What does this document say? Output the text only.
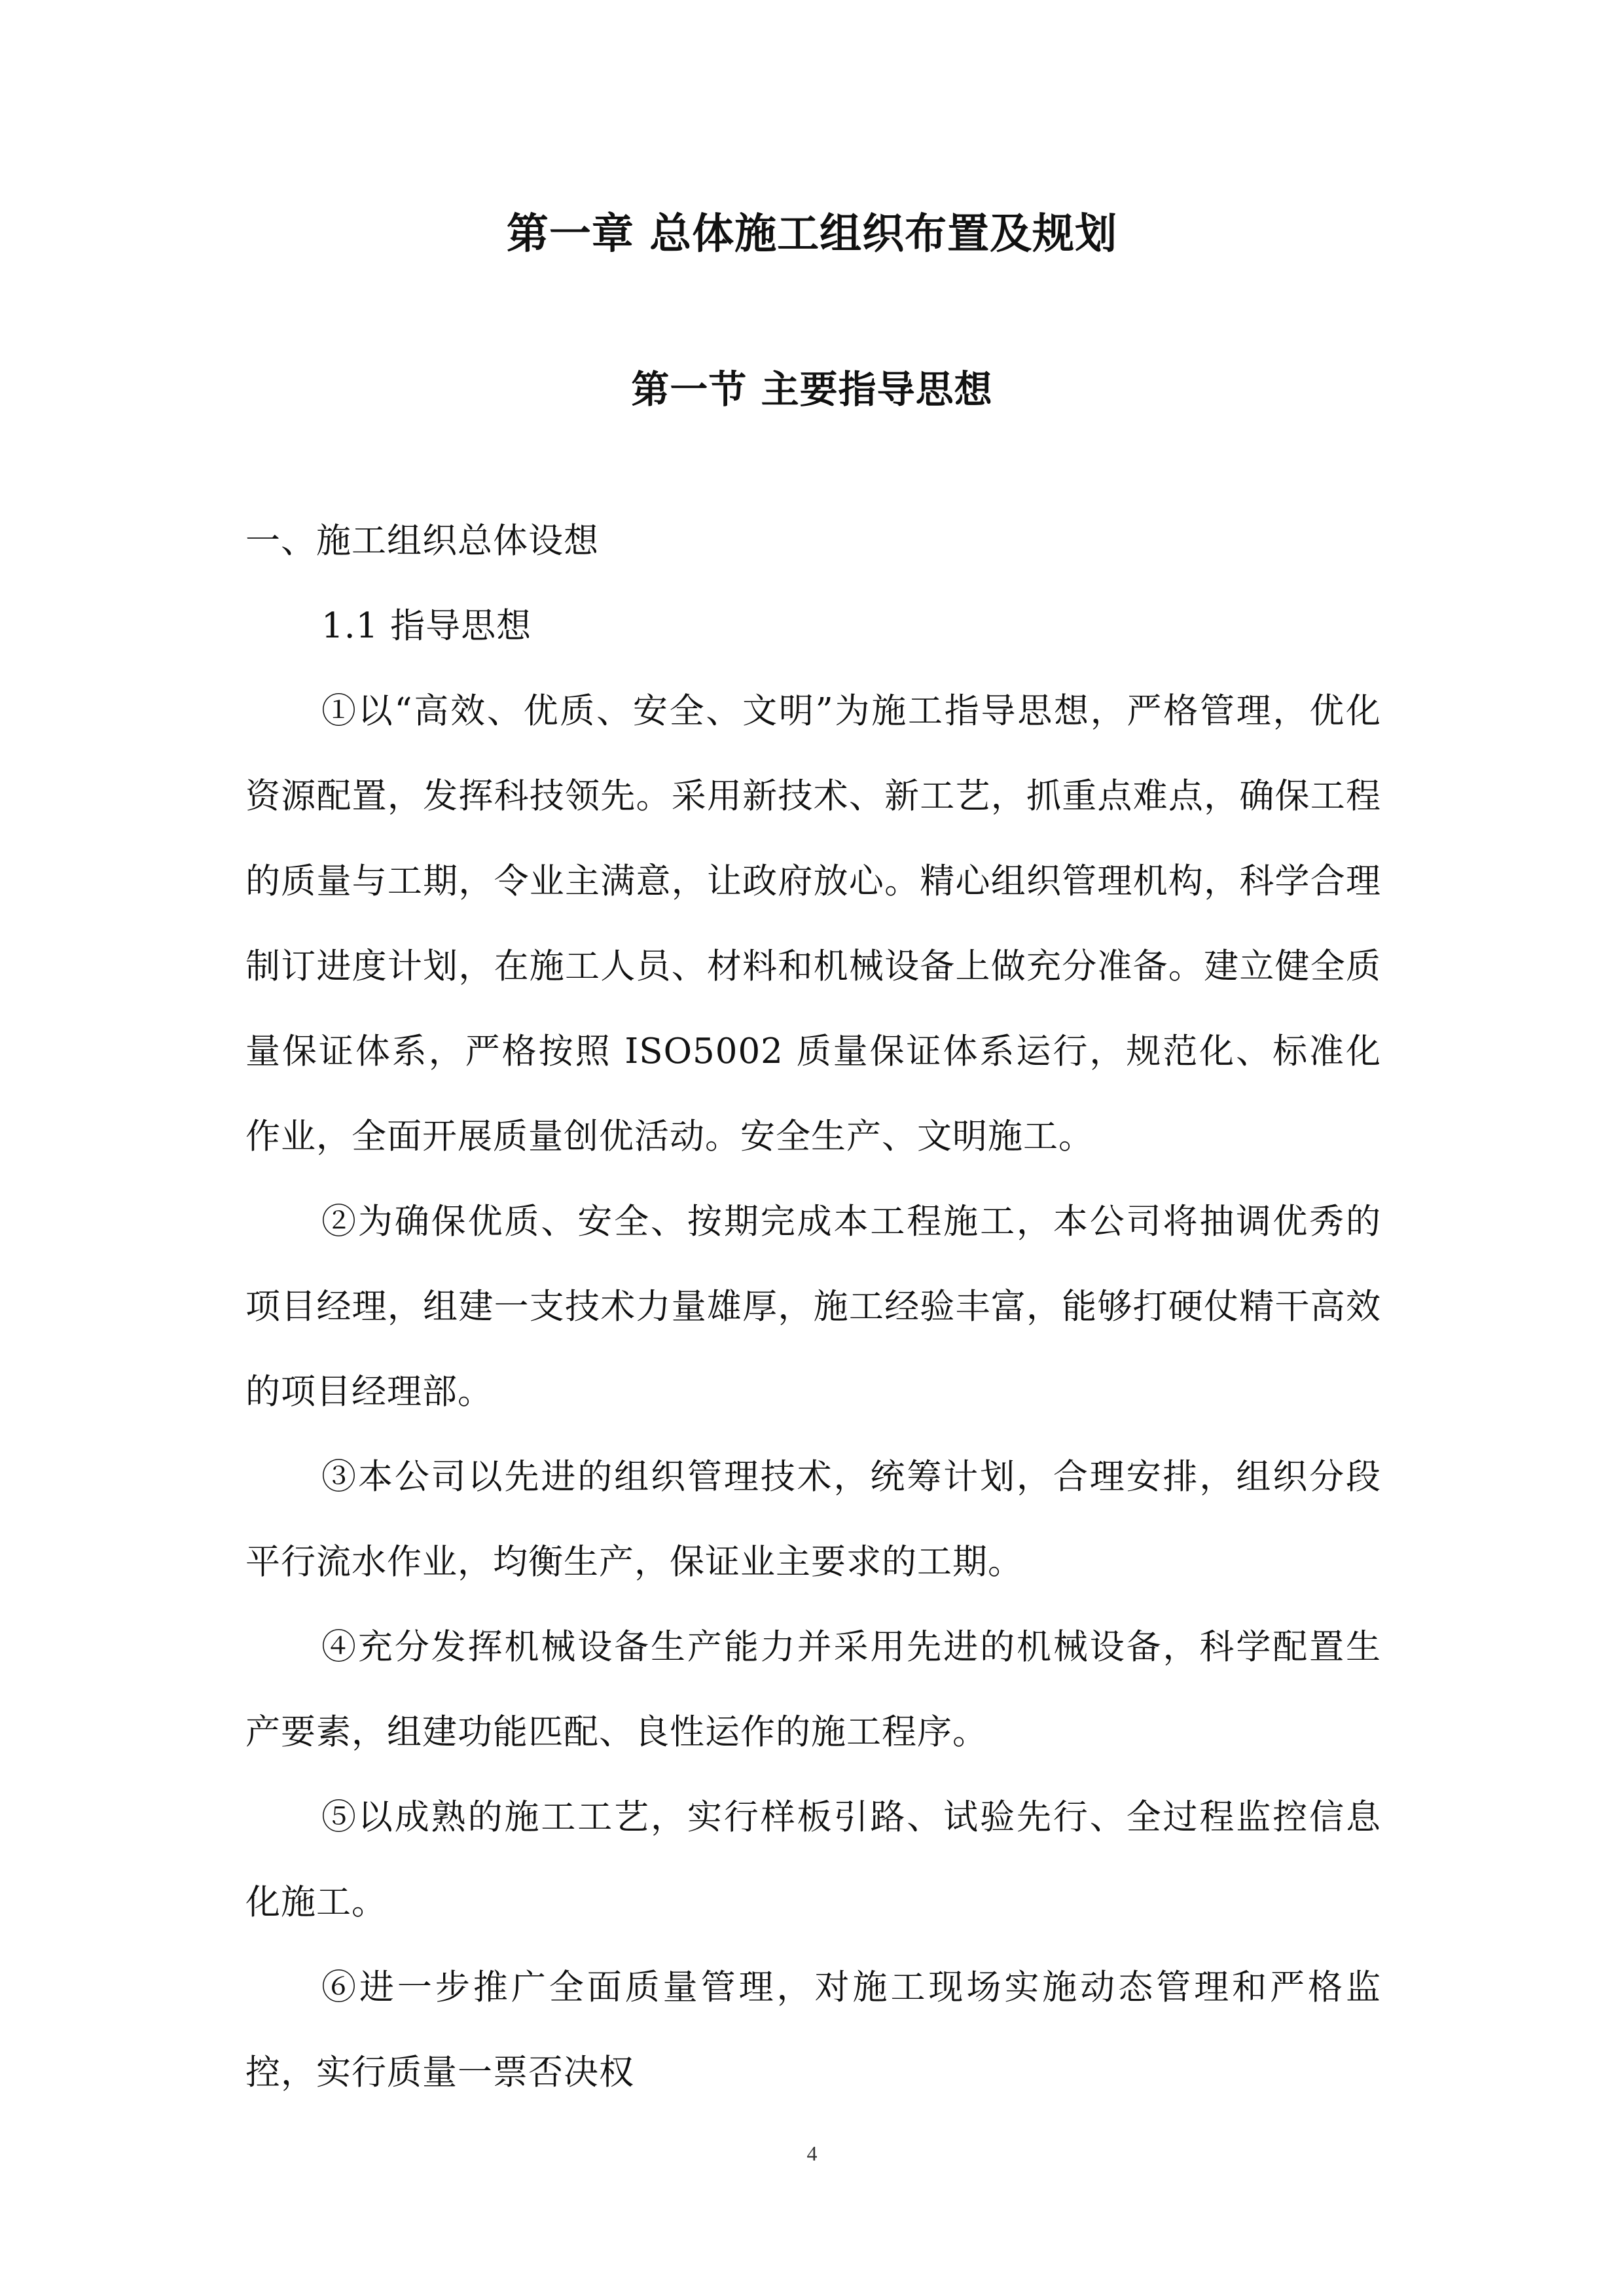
第一章 总体施工组织布置及规划
第一节 主要指导思想

一、施工组织总体设想

1.1 指导思想

①以“高效、优质、安全、文明”为施工指导思想，严格管理，优化资源配置，发挥科技领先。采用新技术、新工艺，抓重点难点，确保工程的质量与工期，令业主满意，让政府放心。精心组织管理机构，科学合理制订进度计划，在施工人员、材料和机械设备上做充分准备。建立健全质量保证体系，严格按照 ISO5002 质量保证体系运行，规范化、标准化作业，全面开展质量创优活动。安全生产、文明施工。

②为确保优质、安全、按期完成本工程施工，本公司将抽调优秀的项目经理，组建一支技术力量雄厚，施工经验丰富，能够打硬仗精干高效的项目经理部。

③本公司以先进的组织管理技术，统筹计划，合理安排，组织分段平行流水作业，均衡生产，保证业主要求的工期。

④充分发挥机械设备生产能力并采用先进的机械设备，科学配置生产要素，组建功能匹配、良性运作的施工程序。

⑤以成熟的施工工艺，实行样板引路、试验先行、全过程监控信息化施工。

⑥进一步推广全面质量管理，对施工现场实施动态管理和严格监控，实行质量一票否决权

4
